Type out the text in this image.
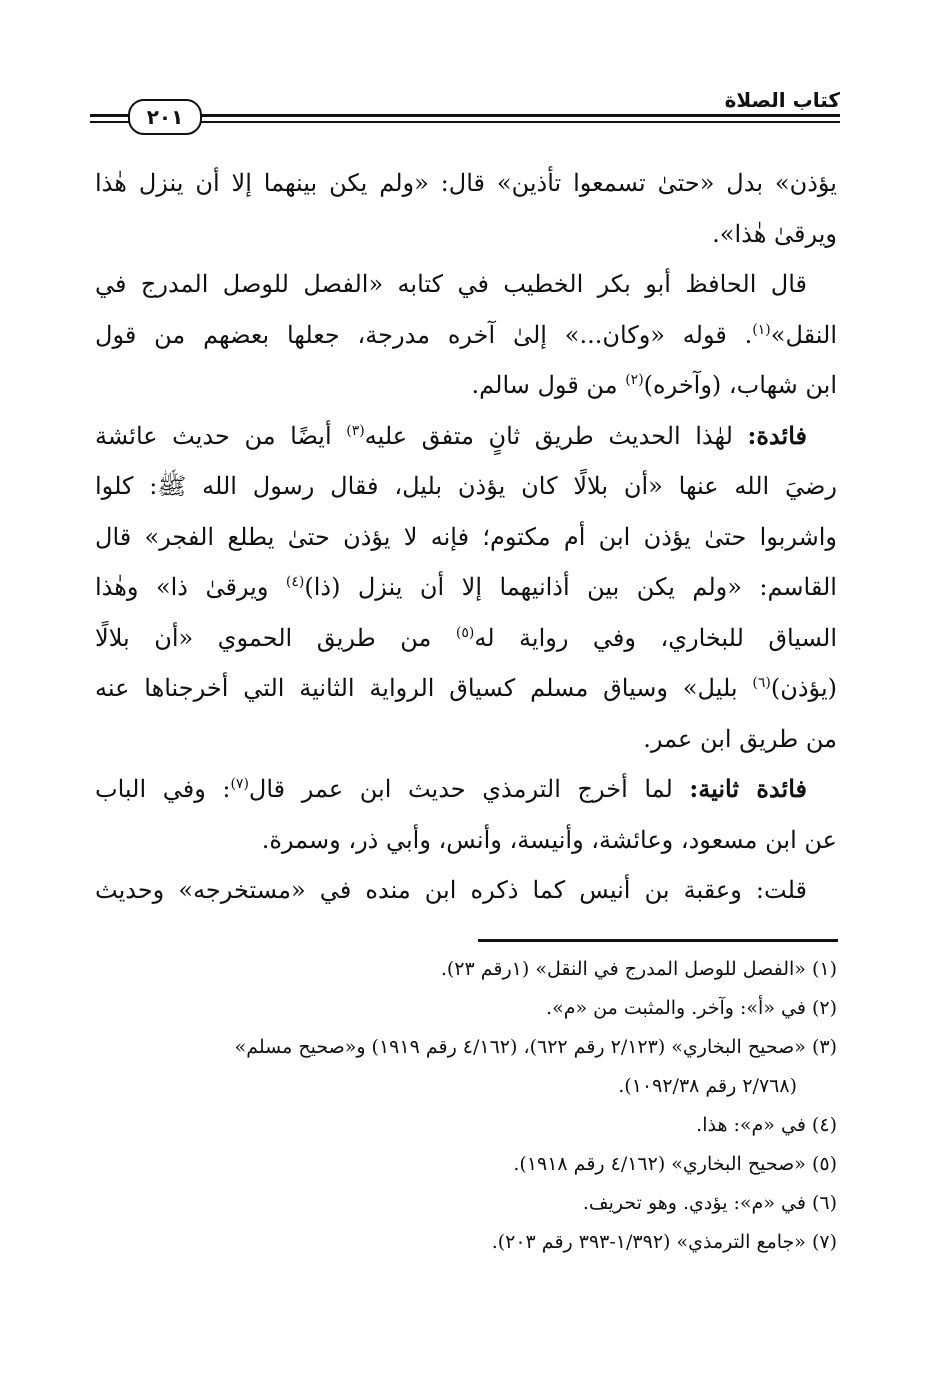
٢٠١
كتاب الصلاة
يؤذن» بدل «حتىٰ تسمعوا تأذين» قال: «ولم يكن بينهما إلا أن ينزل هٰذا
ويرقىٰ هٰذا».
قال الحافظ أبو بكر الخطيب في كتابه «الفصل للوصل المدرج في
النقل»$^{(١)}$. قوله «وكان...» إلىٰ آخره مدرجة، جعلها بعضهم من قول
ابن شهاب، (وآخره)$^{(٢)}$ من قول سالم.
فائدة: لهٰذا الحديث طريق ثانٍ متفق عليه$^{(٣)}$ أيضًا من حديث عائشة
رضيَ الله عنها «أن بلالًا كان يؤذن بليل، فقال رسول الله ﷺ: كلوا
واشربوا حتىٰ يؤذن ابن أم مكتوم؛ فإنه لا يؤذن حتىٰ يطلع الفجر» قال
القاسم: «ولم يكن بين أذانيهما إلا أن ينزل (ذا)$^{(٤)}$ ويرقىٰ ذا» وهٰذا
السياق للبخاري، وفي رواية له$^{(٥)}$ من طريق الحموي «أن بلالًا
(يؤذن)$^{(٦)}$ بليل» وسياق مسلم كسياق الرواية الثانية التي أخرجناها عنه
من طريق ابن عمر.
فائدة ثانية: لما أخرج الترمذي حديث ابن عمر قال$^{(٧)}$: وفي الباب
عن ابن مسعود، وعائشة، وأنيسة، وأنس، وأبي ذر، وسمرة.
قلت: وعقبة بن أنيس كما ذكره ابن منده في «مستخرجه» وحديث
(١) «الفصل للوصل المدرج في النقل» (١رقم ٢٣).
(٢) في «أ»: وآخر. والمثبت من «م».
(٣) «صحيح البخاري» (٢/١٢٣ رقم ٦٢٢)، (٤/١٦٢ رقم ١٩١٩) و«صحيح مسلم»
(٢/٧٦٨ رقم ١٠٩٢/٣٨).
(٤) في «م»: هذا.
(٥) «صحيح البخاري» (٤/١٦٢ رقم ١٩١٨).
(٦) في «م»: يؤدي. وهو تحريف.
(٧) «جامع الترمذي» (١/٣٩٢-٣٩٣ رقم ٢٠٣).
